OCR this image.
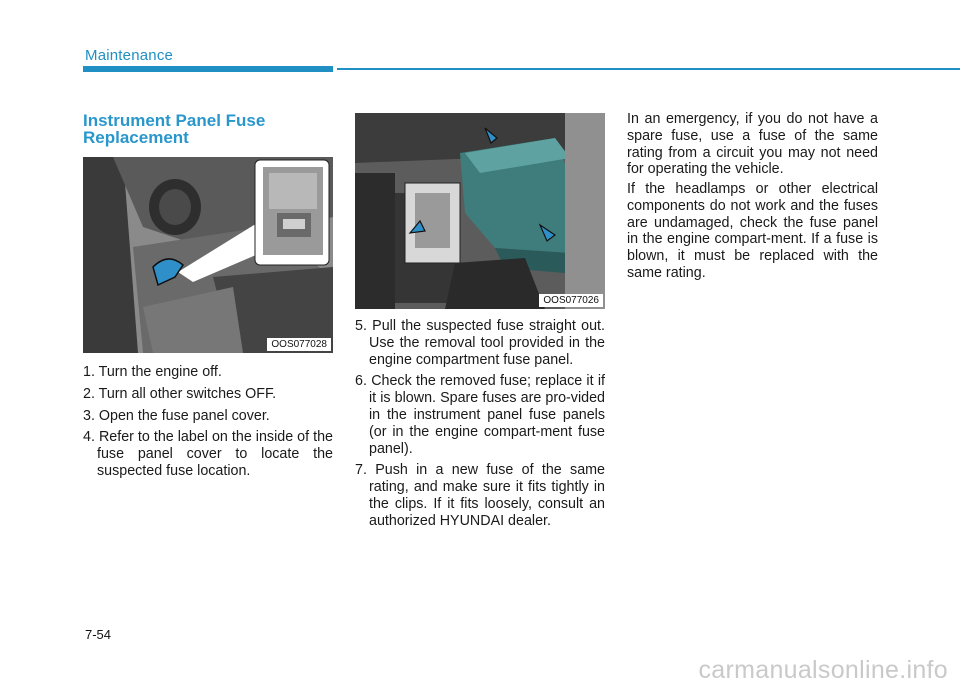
Maintenance
Instrument Panel Fuse Replacement
OOS077028
OOS077026
1. Turn the engine off.
2. Turn all other switches OFF.
3. Open the fuse panel cover.
4. Refer to the label on the inside of the fuse panel cover to locate the suspected fuse location.
5. Pull the suspected fuse straight out. Use the removal tool provided in the engine compartment fuse panel.
6. Check the removed fuse; replace it if it is blown. Spare fuses are pro-vided in the instrument panel fuse panels (or in the engine compart-ment fuse panel).
7. Push in a new fuse of the same rating, and make sure it fits tightly in the clips. If it fits loosely, consult an authorized HYUNDAI dealer.

In an emergency, if you do not have a spare fuse, use a fuse of the same rating from a circuit you may not need for operating the vehicle.

If the headlamps or other electrical components do not work and the fuses are undamaged, check the fuse panel in the engine compart-ment. If a fuse is blown, it must be replaced with the same rating.

7-54
carmanualsonline.info
